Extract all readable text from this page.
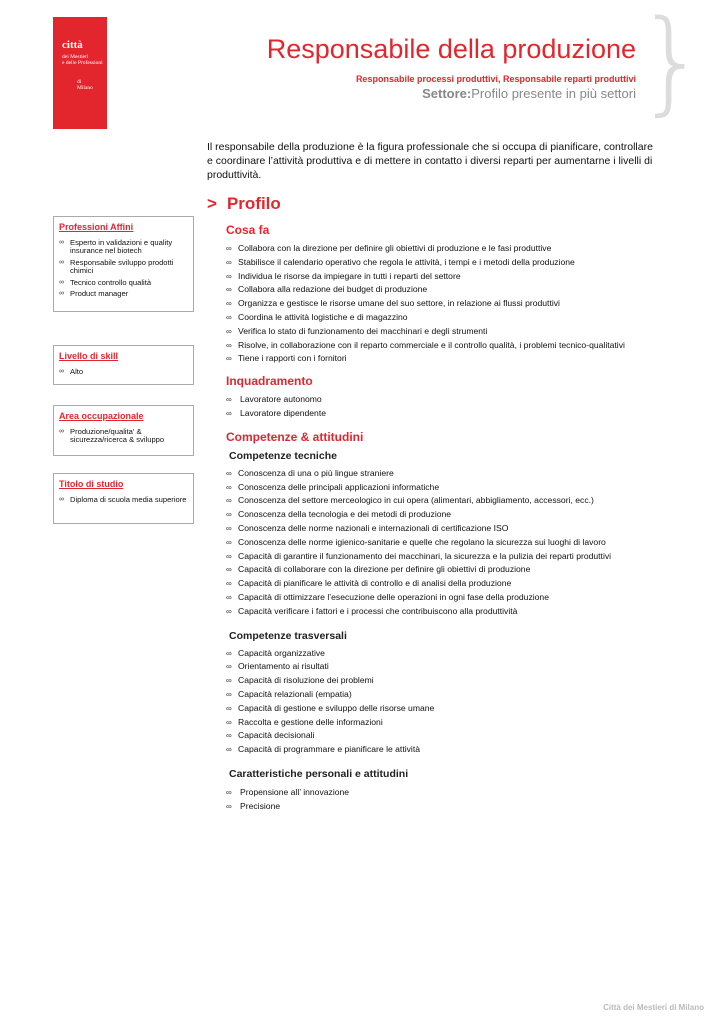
città
dei Mestieri
e delle Professioni
di
Milano	}
Responsabile della produzione
Responsabile processi produttivi, Responsabile reparti produttivi
Settore:Profilo presente in più settori
Il responsabile della produzione è la figura professionale che si occupa di pianificare, controllare e coordinare l’attività produttiva e di mettere in contatto i diversi reparti per aumentarne i livelli di produttività.
> Profilo
Cosa fa
∞ Collabora con la direzione per definire gli obiettivi di produzione e le fasi produttive
∞ Stabilisce il calendario operativo che regola le attività, i tempi e i metodi della produzione
∞ Individua le risorse da impiegare in tutti i reparti del settore
∞ Collabora alla redazione dei budget di produzione
∞ Organizza e gestisce le risorse umane del suo settore, in relazione ai flussi produttivi
∞ Coordina le attività logistiche e di magazzino
∞ Verifica lo stato di funzionamento dei macchinari e degli strumenti
∞ Risolve, in collaborazione con il reparto commerciale e il controllo qualità, i problemi tecnico-qualitativi
∞ Tiene i rapporti con i fornitori
Inquadramento
∞ Lavoratore autonomo
∞ Lavoratore dipendente
Competenze & attitudini
Competenze tecniche
∞ Conoscenza di una o più lingue straniere
∞ Conoscenza delle principali applicazioni informatiche
∞ Conoscenza del settore merceologico in cui opera (alimentari, abbigliamento, accessori, ecc.)
∞ Conoscenza della tecnologia e dei metodi di produzione
∞ Conoscenza delle norme nazionali e internazionali di certificazione ISO
∞ Conoscenza delle norme igienico-sanitarie e quelle che regolano la sicurezza sui luoghi di lavoro
∞ Capacità di garantire il funzionamento dei macchinari, la sicurezza e la pulizia dei reparti produttivi
∞ Capacità di collaborare con la direzione per definire gli obiettivi di produzione
∞ Capacità di pianificare le attività di controllo e di analisi della produzione
∞ Capacità di ottimizzare l’esecuzione delle operazioni in ogni fase della produzione
∞ Capacità verificare i fattori e i processi che contribuiscono alla produttività
Competenze trasversali
∞ Capacità organizzative
∞ Orientamento ai risultati
∞ Capacità di risoluzione dei problemi
∞ Capacità relazionali (empatia)
∞ Capacità di gestione e sviluppo delle risorse umane
∞ Raccolta e gestione delle informazioni
∞ Capacità decisionali
∞ Capacità di programmare e pianificare le attività
Caratteristiche personali e attitudini
∞ Propensione all’ innovazione
∞ Precisione
Professioni Affini
∞ Esperto in validazioni e quality insurance nel biotech
∞ Responsabile sviluppo prodotti chimici
∞ Tecnico controllo qualità
∞ Product manager
Livello di skill
∞ Alto
Area occupazionale
∞ Produzione/qualita' & sicurezza/ricerca & sviluppo
Titolo di studio
∞ Diploma di scuola media superiore
Città dei Mestieri di Milano
